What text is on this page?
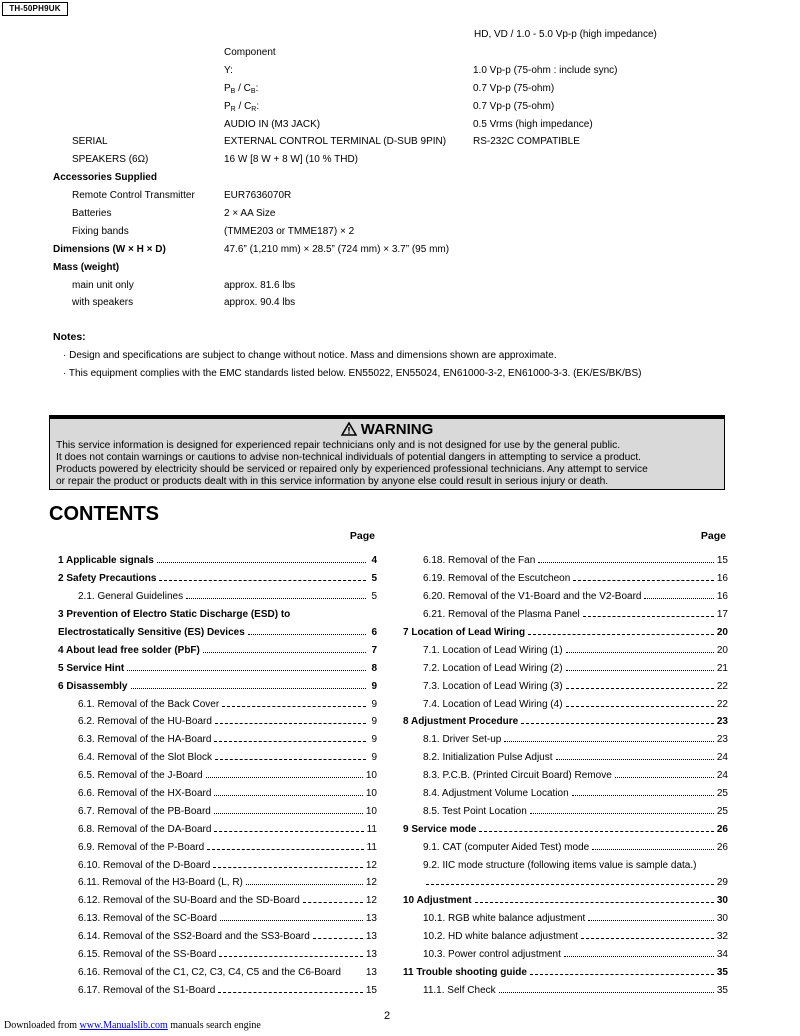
TH-50PH9UK
HD, VD / 1.0 - 5.0 Vp-p (high impedance)
Component
Y:	1.0 Vp-p (75-ohm : include sync)
$P_B / C_B$:	0.7 Vp-p (75-ohm)
$P_R / C_R$:	0.7 Vp-p (75-ohm)
AUDIO IN (M3 JACK)	0.5 Vrms (high impedance)
SERIAL	EXTERNAL CONTROL TERMINAL (D-SUB 9PIN)	RS-232C COMPATIBLE
SPEAKERS (6Ω)	16 W [8 W + 8 W] (10 % THD)
Accessories Supplied
Remote Control Transmitter	EUR7636070R
Batteries	2 × AA Size
Fixing bands	(TMME203 or TMME187) × 2
Dimensions (W × H × D)	47.6” (1,210 mm) × 28.5” (724 mm) × 3.7” (95 mm)
Mass (weight)
main unit only	approx. 81.6 lbs
with speakers	approx. 90.4 lbs
Notes:
· Design and specifications are subject to change without notice. Mass and dimensions shown are approximate.
· This equipment complies with the EMC standards listed below. EN55022, EN55024, EN61000-3-2, EN61000-3-3. (EK/ES/BK/BS)
WARNING
This service information is designed for experienced repair technicians only and is not designed for use by the general public.
It does not contain warnings or cautions to advise non-technical individuals of potential dangers in attempting to service a product.
Products powered by electricity should be serviced or repaired only by experienced professional technicians. Any attempt to service
or repair the product or products dealt with in this service information by anyone else could result in serious injury or death.
CONTENTS
Page
1 Applicable signals	4
2 Safety Precautions	5
2.1. General Guidelines	5
3 Prevention of Electro Static Discharge (ESD) to
Electrostatically Sensitive (ES) Devices	6
4 About lead free solder (PbF)	7
5 Service Hint	8
6 Disassembly	9
6.1. Removal of the Back Cover	9
6.2. Removal of the HU-Board	9
6.3. Removal of the HA-Board	9
6.4. Removal of the Slot Block	9
6.5. Removal of the J-Board	10
6.6. Removal of the HX-Board	10
6.7. Removal of the PB-Board	10
6.8. Removal of the DA-Board	11
6.9. Removal of the P-Board	11
6.10. Removal of the D-Board	12
6.11. Removal of the H3-Board (L, R)	12
6.12. Removal of the SU-Board and the SD-Board	12
6.13. Removal of the SC-Board	13
6.14. Removal of the SS2-Board and the SS3-Board	13
6.15. Removal of the SS-Board	13
6.16. Removal of the C1, C2, C3, C4, C5 and the C6-Board 13
6.17. Removal of the S1-Board	15
Page
6.18. Removal of the Fan	15
6.19. Removal of the Escutcheon	16
6.20. Removal of the V1-Board and the V2-Board	16
6.21. Removal of the Plasma Panel	17
7 Location of Lead Wiring	20
7.1. Location of Lead Wiring (1)	20
7.2. Location of Lead Wiring (2)	21
7.3. Location of Lead Wiring (3)	22
7.4. Location of Lead Wiring (4)	22
8 Adjustment Procedure	23
8.1. Driver Set-up	23
8.2. Initialization Pulse Adjust	24
8.3. P.C.B. (Printed Circuit Board) Remove	24
8.4. Adjustment Volume Location	25
8.5. Test Point Location	25
9 Service mode	26
9.1. CAT (computer Aided Test) mode	26
9.2. IIC mode structure (following items value is sample data.)
29
10 Adjustment	30
10.1. RGB white balance adjustment	30
10.2. HD white balance adjustment	32
10.3. Power control adjustment	34
11 Trouble shooting guide	35
11.1. Self Check	35
2
Downloaded from www.Manualslib.com manuals search engine
